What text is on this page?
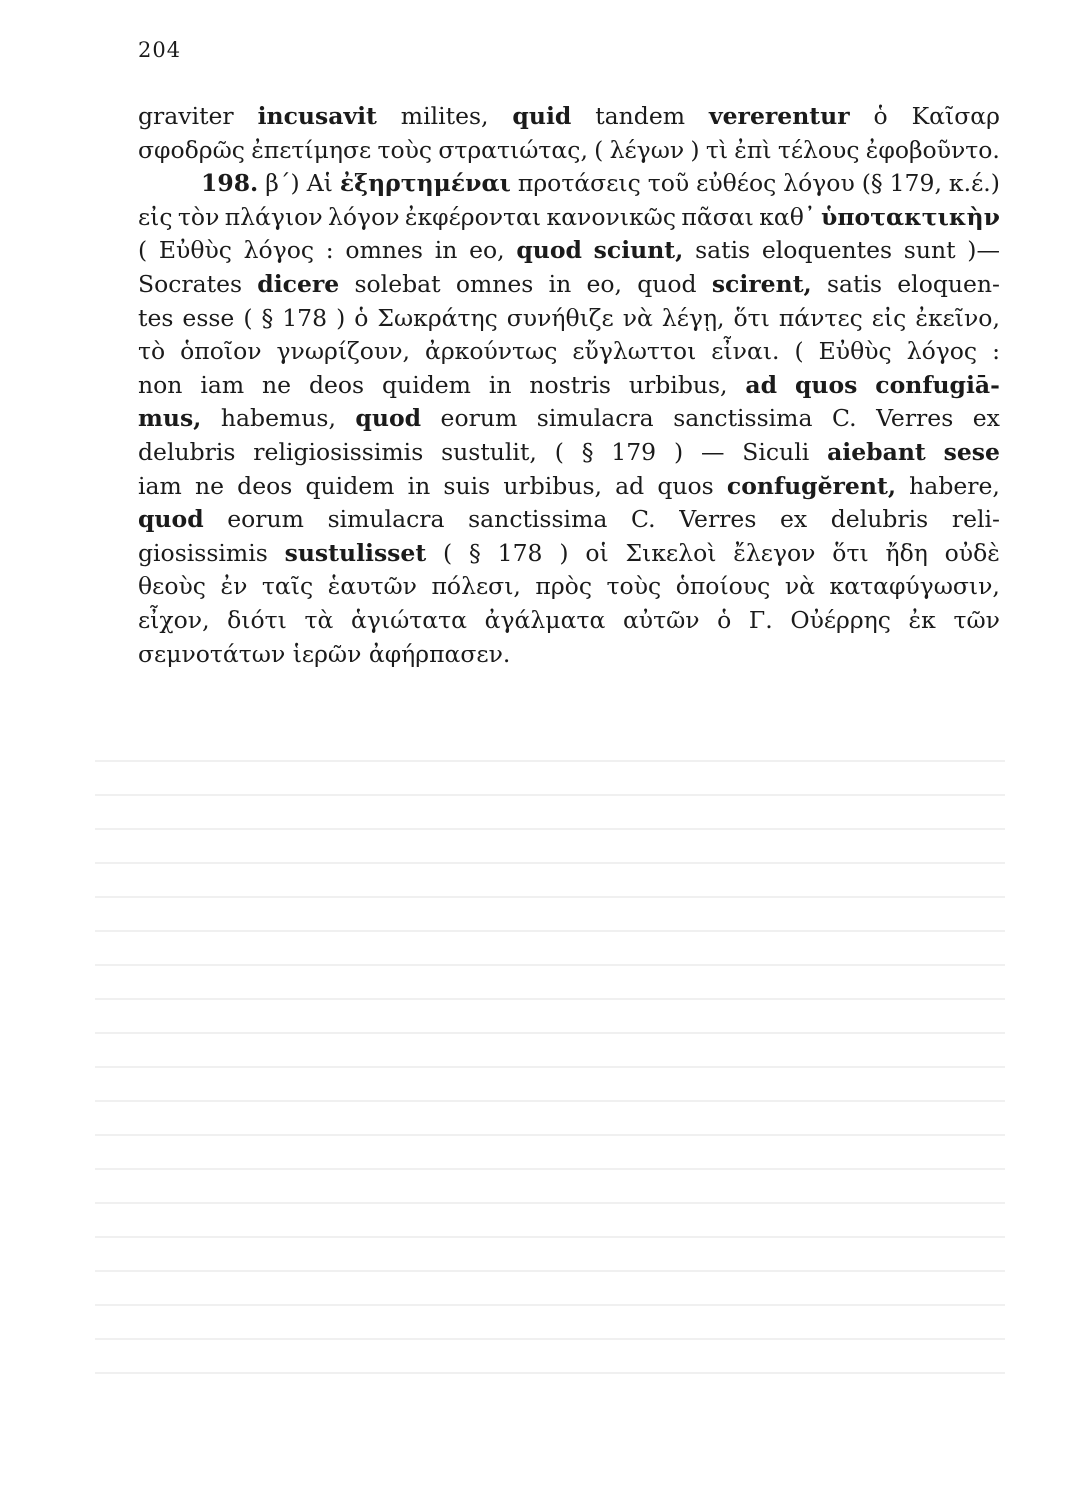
204
graviter incusavit milites, quid tandem vererentur ὁ Καῖσαρ
σφοδρῶς ἐπετίμησε τοὺς στρατιώτας, ( λέγων ) τὶ ἐπὶ τέλους ἐφοβοῦντο.
198. β΄) Αἱ ἐξηρτημέναι προτάσεις τοῦ εὐθέος λόγου (§ 179, κ.έ.)
εἰς τὸν πλάγιον λόγον ἐκφέρονται κανονικῶς πᾶσαι καθ᾽ ὑποτακτικὴν
( Εὐθὺς λόγος : omnes in eo, quod sciunt, satis eloquentes sunt )—
Socrates dicere solebat omnes in eo, quod scirent, satis eloquen-
tes esse ( § 178 ) ὁ Σωκράτης συνήθιζε νὰ λέγῃ, ὅτι πάντες εἰς ἐκεῖνο,
τὸ ὁποῖον γνωρίζουν, ἀρκούντως εὔγλωττοι εἶναι. ( Εὐθὺς λόγος :
non iam ne deos quidem in nostris urbibus, ad quos confugiā-
mus, habemus, quod eorum simulacra sanctissima C. Verres ex
delubris religiosissimis sustulit, ( § 179 ) — Siculi aiebant sese
iam ne deos quidem in suis urbibus, ad quos confugĕrent, habere,
quod eorum simulacra sanctissima C. Verres ex delubris reli-
giosissimis sustulisset ( § 178 ) οἱ Σικελοὶ ἔλεγον ὅτι ἤδη οὐδὲ
θεοὺς ἐν ταῖς ἑαυτῶν πόλεσι, πρὸς τοὺς ὁποίους νὰ καταφύγωσιν,
εἶχον, διότι τὰ ἁγιώτατα ἀγάλματα αὐτῶν ὁ Γ. Οὐέρρης ἐκ τῶν
σεμνοτάτων ἱερῶν ἀφήρπασεν.
